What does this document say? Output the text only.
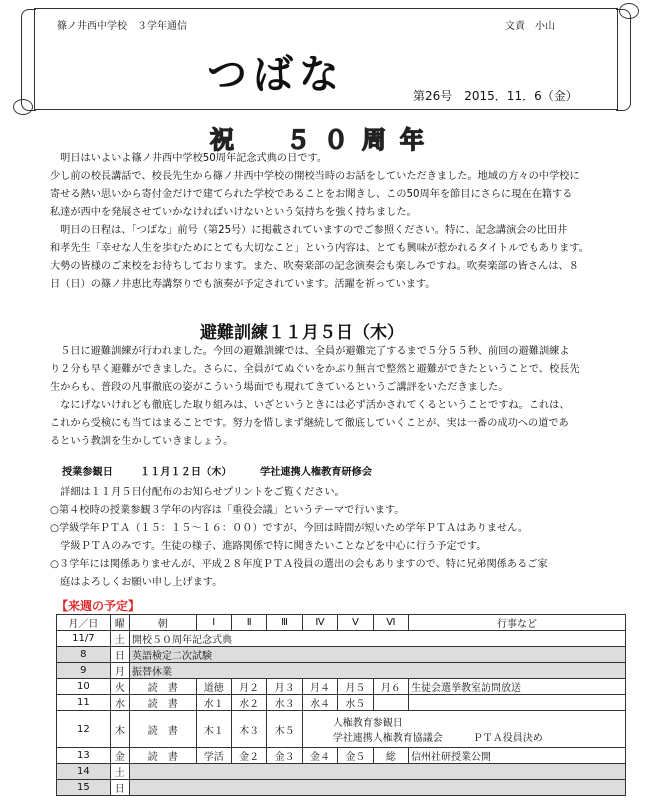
篠ノ井西中学校　３学年通信	文責　小山
つばな	第26号　2015．11．6（金）
祝　５０周年
　明日はいよいよ篠ノ井西中学校50周年記念式典の日です。
少し前の校長講話で、校長先生から篠ノ井西中学校の開校当時のお話をしていただきました。地域の方々の中学校に
寄せる熱い思いから寄付金だけで建てられた学校であることをお聞きし、この50周年を節目にさらに現在在籍する
私達が西中を発展させていかなければいけないという気持ちを強く持ちました。
　明日の日程は、「つばな」前号（第25号）に掲載されていますのでご参照ください。特に、記念講演会の比田井
和孝先生「幸せな人生を歩むためにとても大切なこと」という内容は、とても興味が惹かれるタイトルでもあります。
大勢の皆様のご来校をお待ちしております。また、吹奏楽部の記念演奏会も楽しみですね。吹奏楽部の皆さんは、８
日（日）の篠ノ井恵比寿講祭りでも演奏が予定されています。活躍を祈っています。
避難訓練１１月５日（木）
　５日に避難訓練が行われました。今回の避難訓練では、全員が避難完了するまで５分５５秒、前回の避難訓練よ
り２分も早く避難ができました。さらに、全員がてぬぐいをかぶり無言で整然と避難ができたということで、校長先
生からも、普段の凡事徹底の姿がこういう場面でも現れてきているというご講評をいただきました。
　なにげないけれども徹底した取り組みは、いざというときには必ず活かされてくるということですね。これは、
これから受検にも当てはまることです。努力を惜しまず継続して徹底していくことが、実は一番の成功への道であ
るという教訓を生かしていきましょう。
授業参観日	１１月１２日（木）	学社連携人権教育研修会
　詳細は１１月５日付配布のお知らせプリントをご覧ください。
○第４校時の授業参観３学年の内容は「重役会議」というテーマで行います。
○学級学年ＰＴＡ（１５：１５～１６：００）ですが、今回は時間が短いため学年ＰＴＡはありません。
　学級ＰＴＡのみです。生徒の様子、進路関係で特に聞きたいことなどを中心に行う予定です。
○３学年には関係ありませんが、平成２８年度ＰＴＡ役員の選出の会もありますので、特に兄弟関係あるご家
　庭はよろしくお願い申し上げます。
【来週の予定】
月／日	曜	朝	Ⅰ	Ⅱ	Ⅲ	Ⅳ	Ⅴ	Ⅵ	行事など
11/7	土	開校５０周年記念式典							
8	日	英語検定二次試験							
9	月	振替休業							
10	火	読　書	道徳	月２	月３	月４	月５	月６	生徒会選挙教室訪問放送
11	水	読　書	水１	水２	水３	水４	水５		
12	木	読　書	木１	木３	木５	人権教育参観日
学社連携人権教育協議会　　　ＰＴＡ役員決め			

13	金	読　書	学活	金２	金３	金４	金５	総	信州社研授業公開
14	土								
15	日								
